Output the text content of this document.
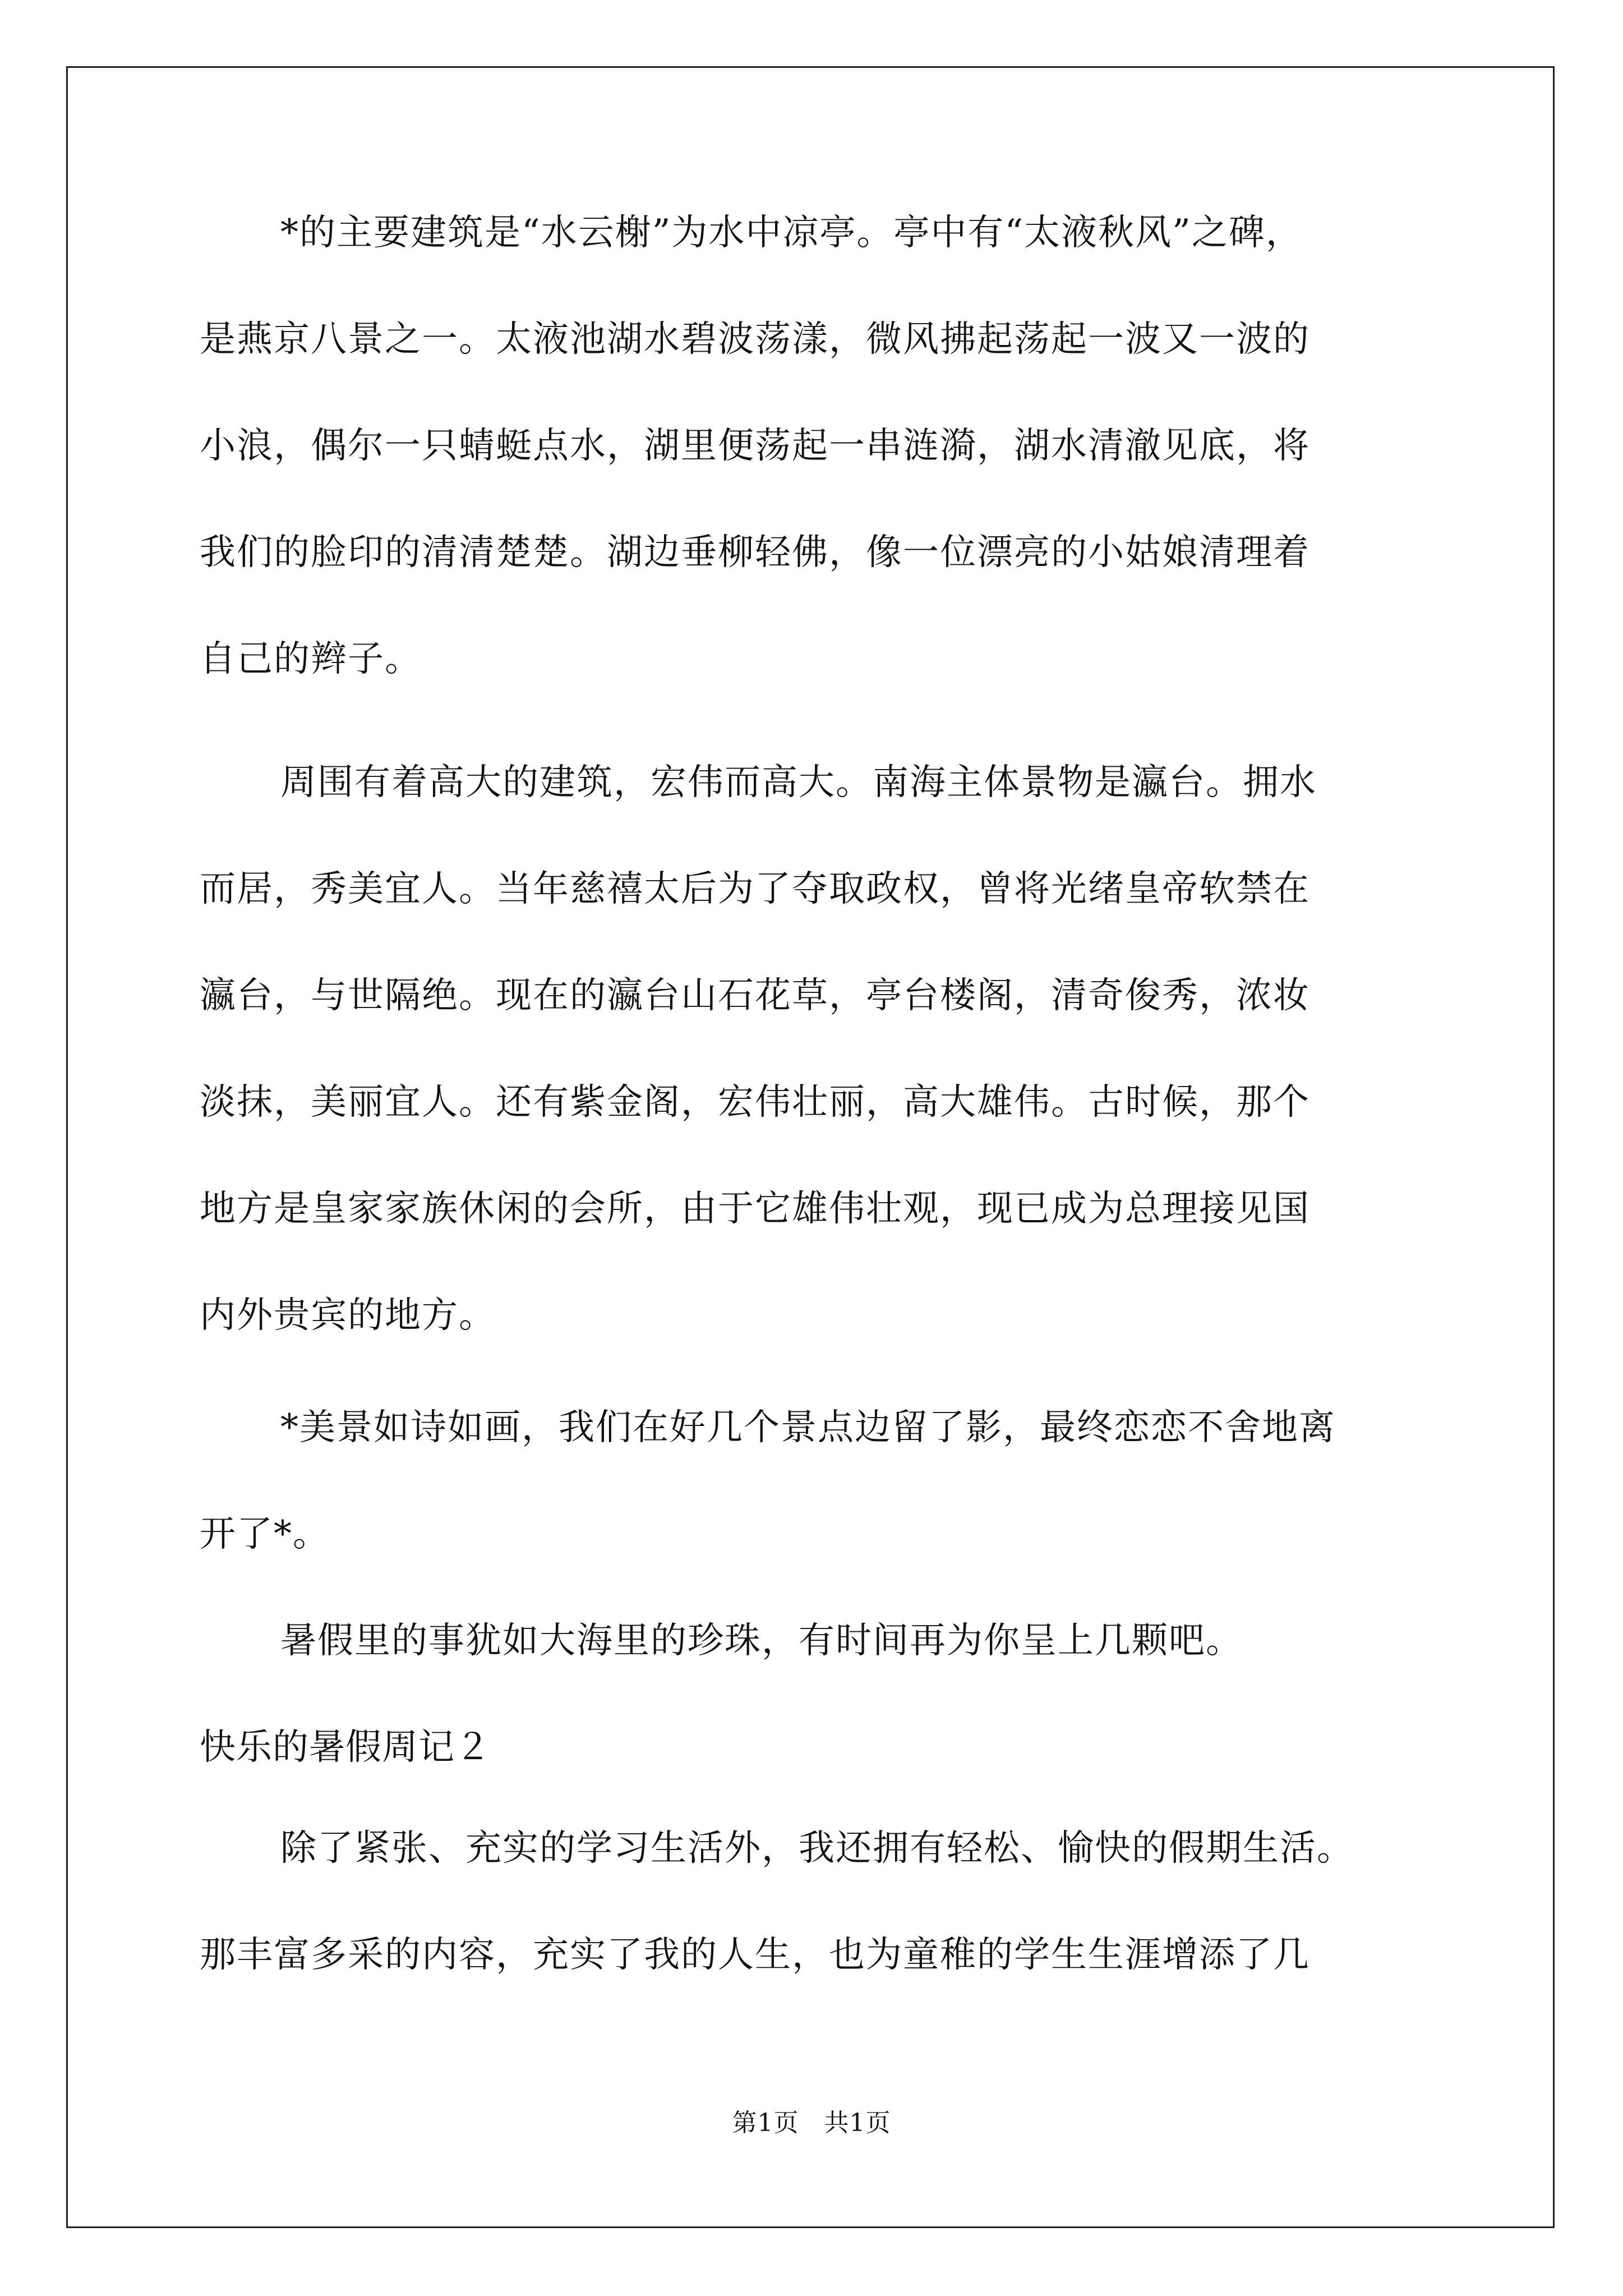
*的主要建筑是“水云榭”为水中凉亭。亭中有“太液秋风”之碑，
是燕京八景之一。太液池湖水碧波荡漾，微风拂起荡起一波又一波的
小浪，偶尔一只蜻蜓点水，湖里便荡起一串涟漪，湖水清澈见底，将
我们的脸印的清清楚楚。湖边垂柳轻佛，像一位漂亮的小姑娘清理着
自己的辫子。
周围有着高大的建筑，宏伟而高大。南海主体景物是瀛台。拥水
而居，秀美宜人。当年慈禧太后为了夺取政权，曾将光绪皇帝软禁在
瀛台，与世隔绝。现在的瀛台山石花草，亭台楼阁，清奇俊秀，浓妆
淡抹，美丽宜人。还有紫金阁，宏伟壮丽，高大雄伟。古时候，那个
地方是皇家家族休闲的会所，由于它雄伟壮观，现已成为总理接见国
内外贵宾的地方。
*美景如诗如画，我们在好几个景点边留了影，最终恋恋不舍地离
开了*。
暑假里的事犹如大海里的珍珠，有时间再为你呈上几颗吧。
快乐的暑假周记２
除了紧张、充实的学习生活外，我还拥有轻松、愉快的假期生活。
那丰富多采的内容，充实了我的人生，也为童稚的学生生涯增添了几
第1页　共1页
